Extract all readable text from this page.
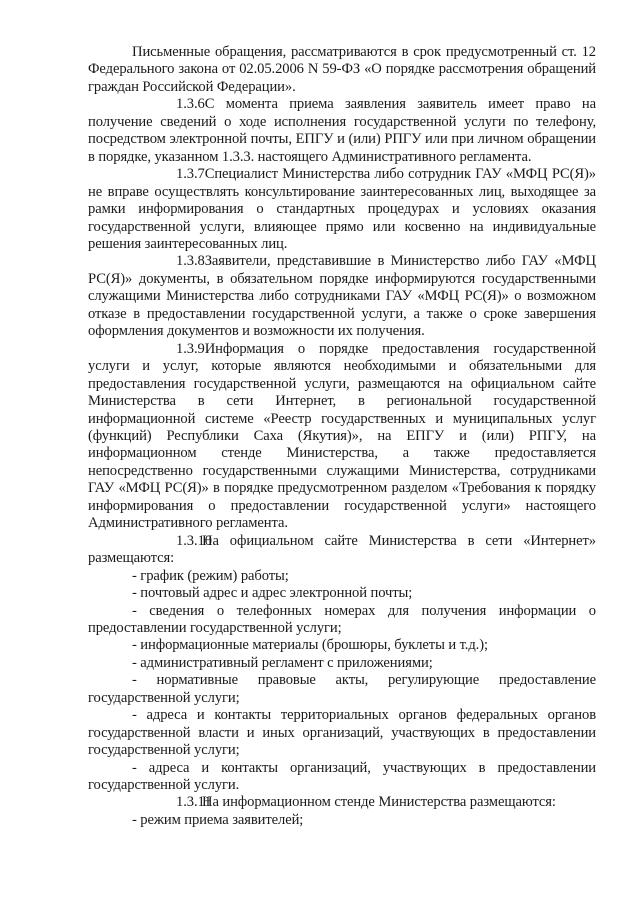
Письменные обращения, рассматриваются в срок предусмотренный ст. 12 Федерального закона от 02.05.2006 N 59-ФЗ «О порядке рассмотрения обращений граждан Российской Федерации».

1.3.6С момента приема заявления заявитель имеет право на получение сведений о ходе исполнения государственной услуги по телефону, посредством электронной почты, ЕПГУ и (или) РПГУ или при личном обращении в порядке, указанном 1.3.3. настоящего Административного регламента.

1.3.7Специалист Министерства либо сотрудник ГАУ «МФЦ РС(Я)» не вправе осуществлять консультирование заинтересованных лиц, выходящее за рамки информирования о стандартных процедурах и условиях оказания государственной услуги, влияющее прямо или косвенно на индивидуальные решения заинтересованных лиц.

1.3.8Заявители, представившие в Министерство либо ГАУ «МФЦ РС(Я)» документы, в обязательном порядке информируются государственными служащими Министерства либо сотрудниками ГАУ «МФЦ РС(Я)» о возможном отказе в предоставлении государственной услуги, а также о сроке завершения оформления документов и возможности их получения.

1.3.9Информация о порядке предоставления государственной услуги и услуг, которые являются необходимыми и обязательными для предоставления государственной услуги, размещаются на официальном сайте Министерства в сети Интернет, в региональной государственной информационной системе «Реестр государственных и муниципальных услуг (функций) Республики Саха (Якутия)», на ЕПГУ и (или) РПГУ, на информационном стенде Министерства, а также предоставляется непосредственно государственными служащими Министерства, сотрудниками ГАУ «МФЦ РС(Я)» в порядке предусмотренном разделом «Требования к порядку информирования о предоставлении государственной услуги» настоящего Административного регламента.

1.3.10На официальном сайте Министерства в сети «Интернет» размещаются:

- график (режим) работы;

- почтовый адрес и адрес электронной почты;

- сведения о телефонных номерах для получения информации о предоставлении государственной услуги;

- информационные материалы (брошюры, буклеты и т.д.);

- административный регламент с приложениями;

- нормативные правовые акты, регулирующие предоставление государственной услуги;

- адреса и контакты территориальных органов федеральных органов государственной власти и иных организаций, участвующих в предоставлении государственной услуги;

- адреса и контакты организаций, участвующих в предоставлении государственной услуги.

1.3.11На информационном стенде Министерства размещаются:

- режим приема заявителей;
